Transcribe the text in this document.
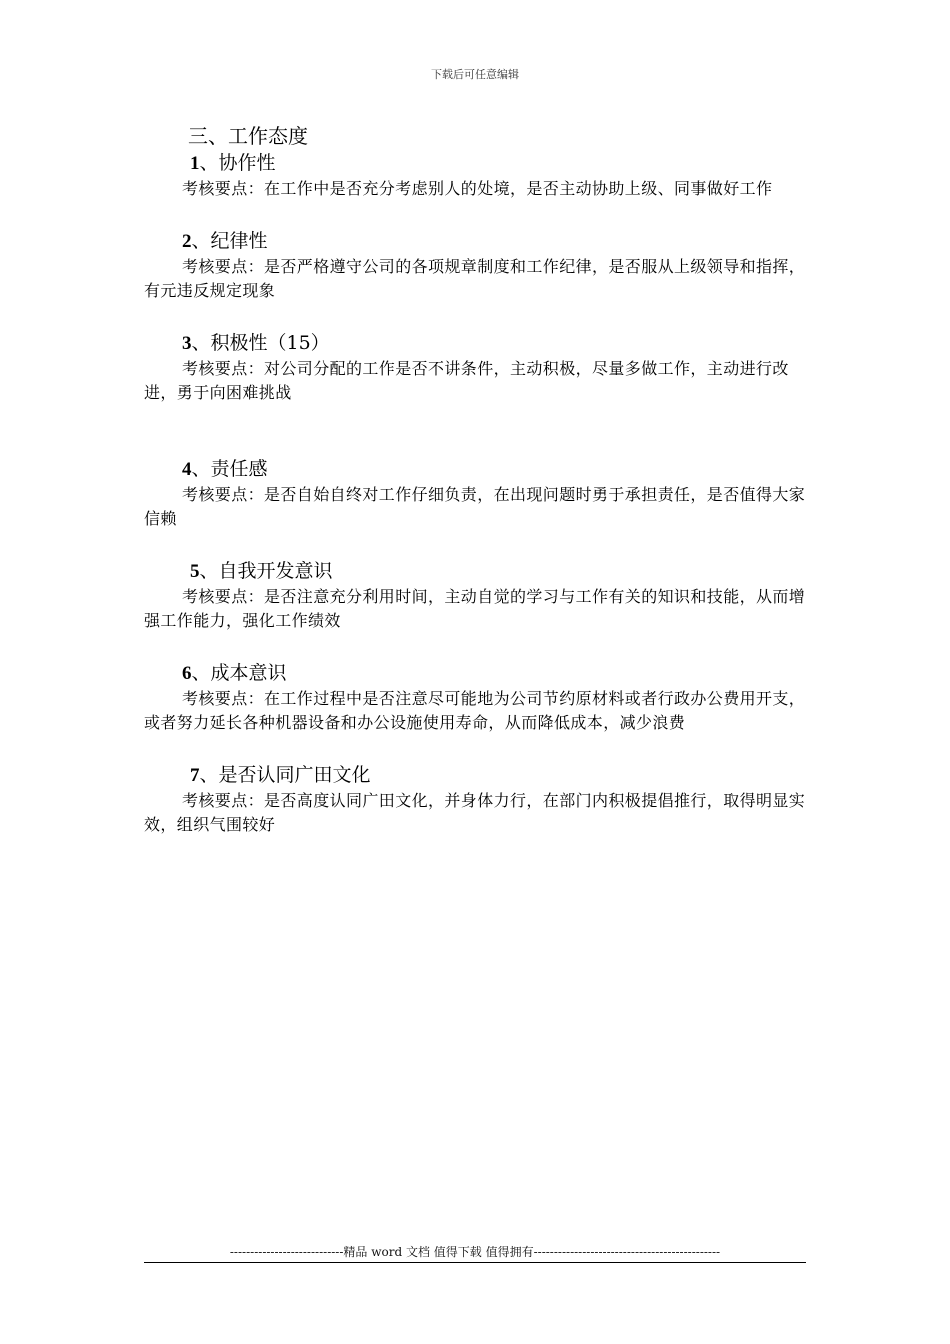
下载后可任意编辑
三、工作态度
1、协作性

考核要点：在工作中是否充分考虑别人的处境，是否主动协助上级、同事做好工作

2、纪律性

考核要点：是否严格遵守公司的各项规章制度和工作纪律，是否服从上级领导和指挥，有元违反规定现象

3、积极性（15）

考核要点：对公司分配的工作是否不讲条件，主动积极，尽量多做工作，主动进行改进，勇于向困难挑战

4、责任感

考核要点：是否自始自终对工作仔细负责，在出现问题时勇于承担责任，是否值得大家信赖

5、自我开发意识

考核要点：是否注意充分利用时间，主动自觉的学习与工作有关的知识和技能，从而增强工作能力，强化工作绩效

6、成本意识

考核要点：在工作过程中是否注意尽可能地为公司节约原材料或者行政办公费用开支，或者努力延长各种机器设备和办公设施使用寿命，从而降低成本，减少浪费

7、是否认同广田文化

考核要点：是否高度认同广田文化，并身体力行，在部门内积极提倡推行，取得明显实效，组织气围较好

----------------------------精品 word 文档 值得下载 值得拥有----------------------------------------------
